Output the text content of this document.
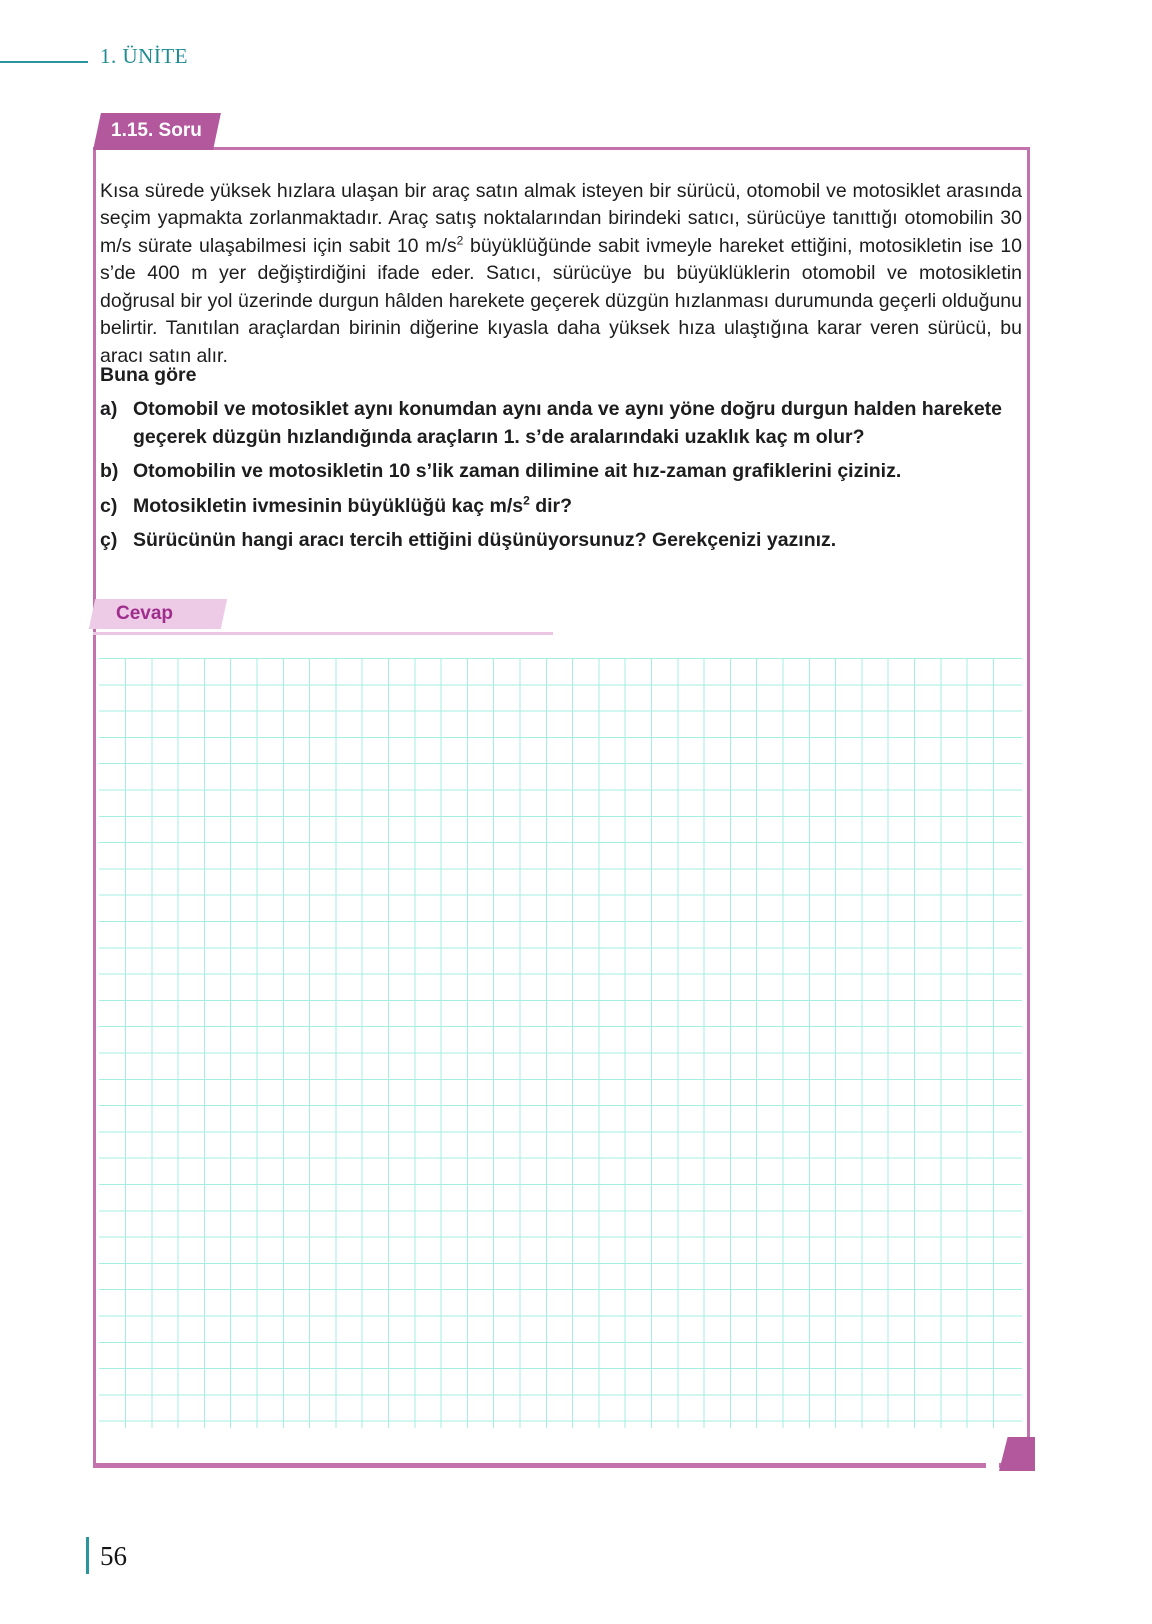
1. ÜNİTE
1.15. Soru

Kısa sürede yüksek hızlara ulaşan bir araç satın almak isteyen bir sürücü, otomobil ve motosiklet arasında seçim yapmakta zorlanmaktadır. Araç satış noktalarından birindeki satıcı, sürücüye tanıttığı otomobilin 30 m/s sürate ulaşabilmesi için sabit 10 $m/s^2$ büyüklüğünde sabit ivmeyle hareket ettiğini, motosikletin ise 10 s’de 400 m yer değiştirdiğini ifade eder. Satıcı, sürücüye bu büyüklüklerin otomobil ve motosikletin doğrusal bir yol üzerinde durgun hâlden harekete geçerek düzgün hızlanması durumunda geçerli olduğunu belirtir. Tanıtılan araçlardan birinin diğerine kıyasla daha yüksek hıza ulaştığına karar veren sürücü, bu aracı satın alır.

Buna göre
a) Otomobil ve motosiklet aynı konumdan aynı anda ve aynı yöne doğru durgun halden harekete geçerek düzgün hızlandığında araçların 1. s’de aralarındaki uzaklık kaç m olur?
b) Otomobilin ve motosikletin 10 s’lik zaman dilimine ait hız-zaman grafiklerini çiziniz.
c) Motosikletin ivmesinin büyüklüğü kaç $m/s^2$ dir?
ç) Sürücünün hangi aracı tercih ettiğini düşünüyorsunuz? Gerekçenizi yazınız.
Cevap
56
